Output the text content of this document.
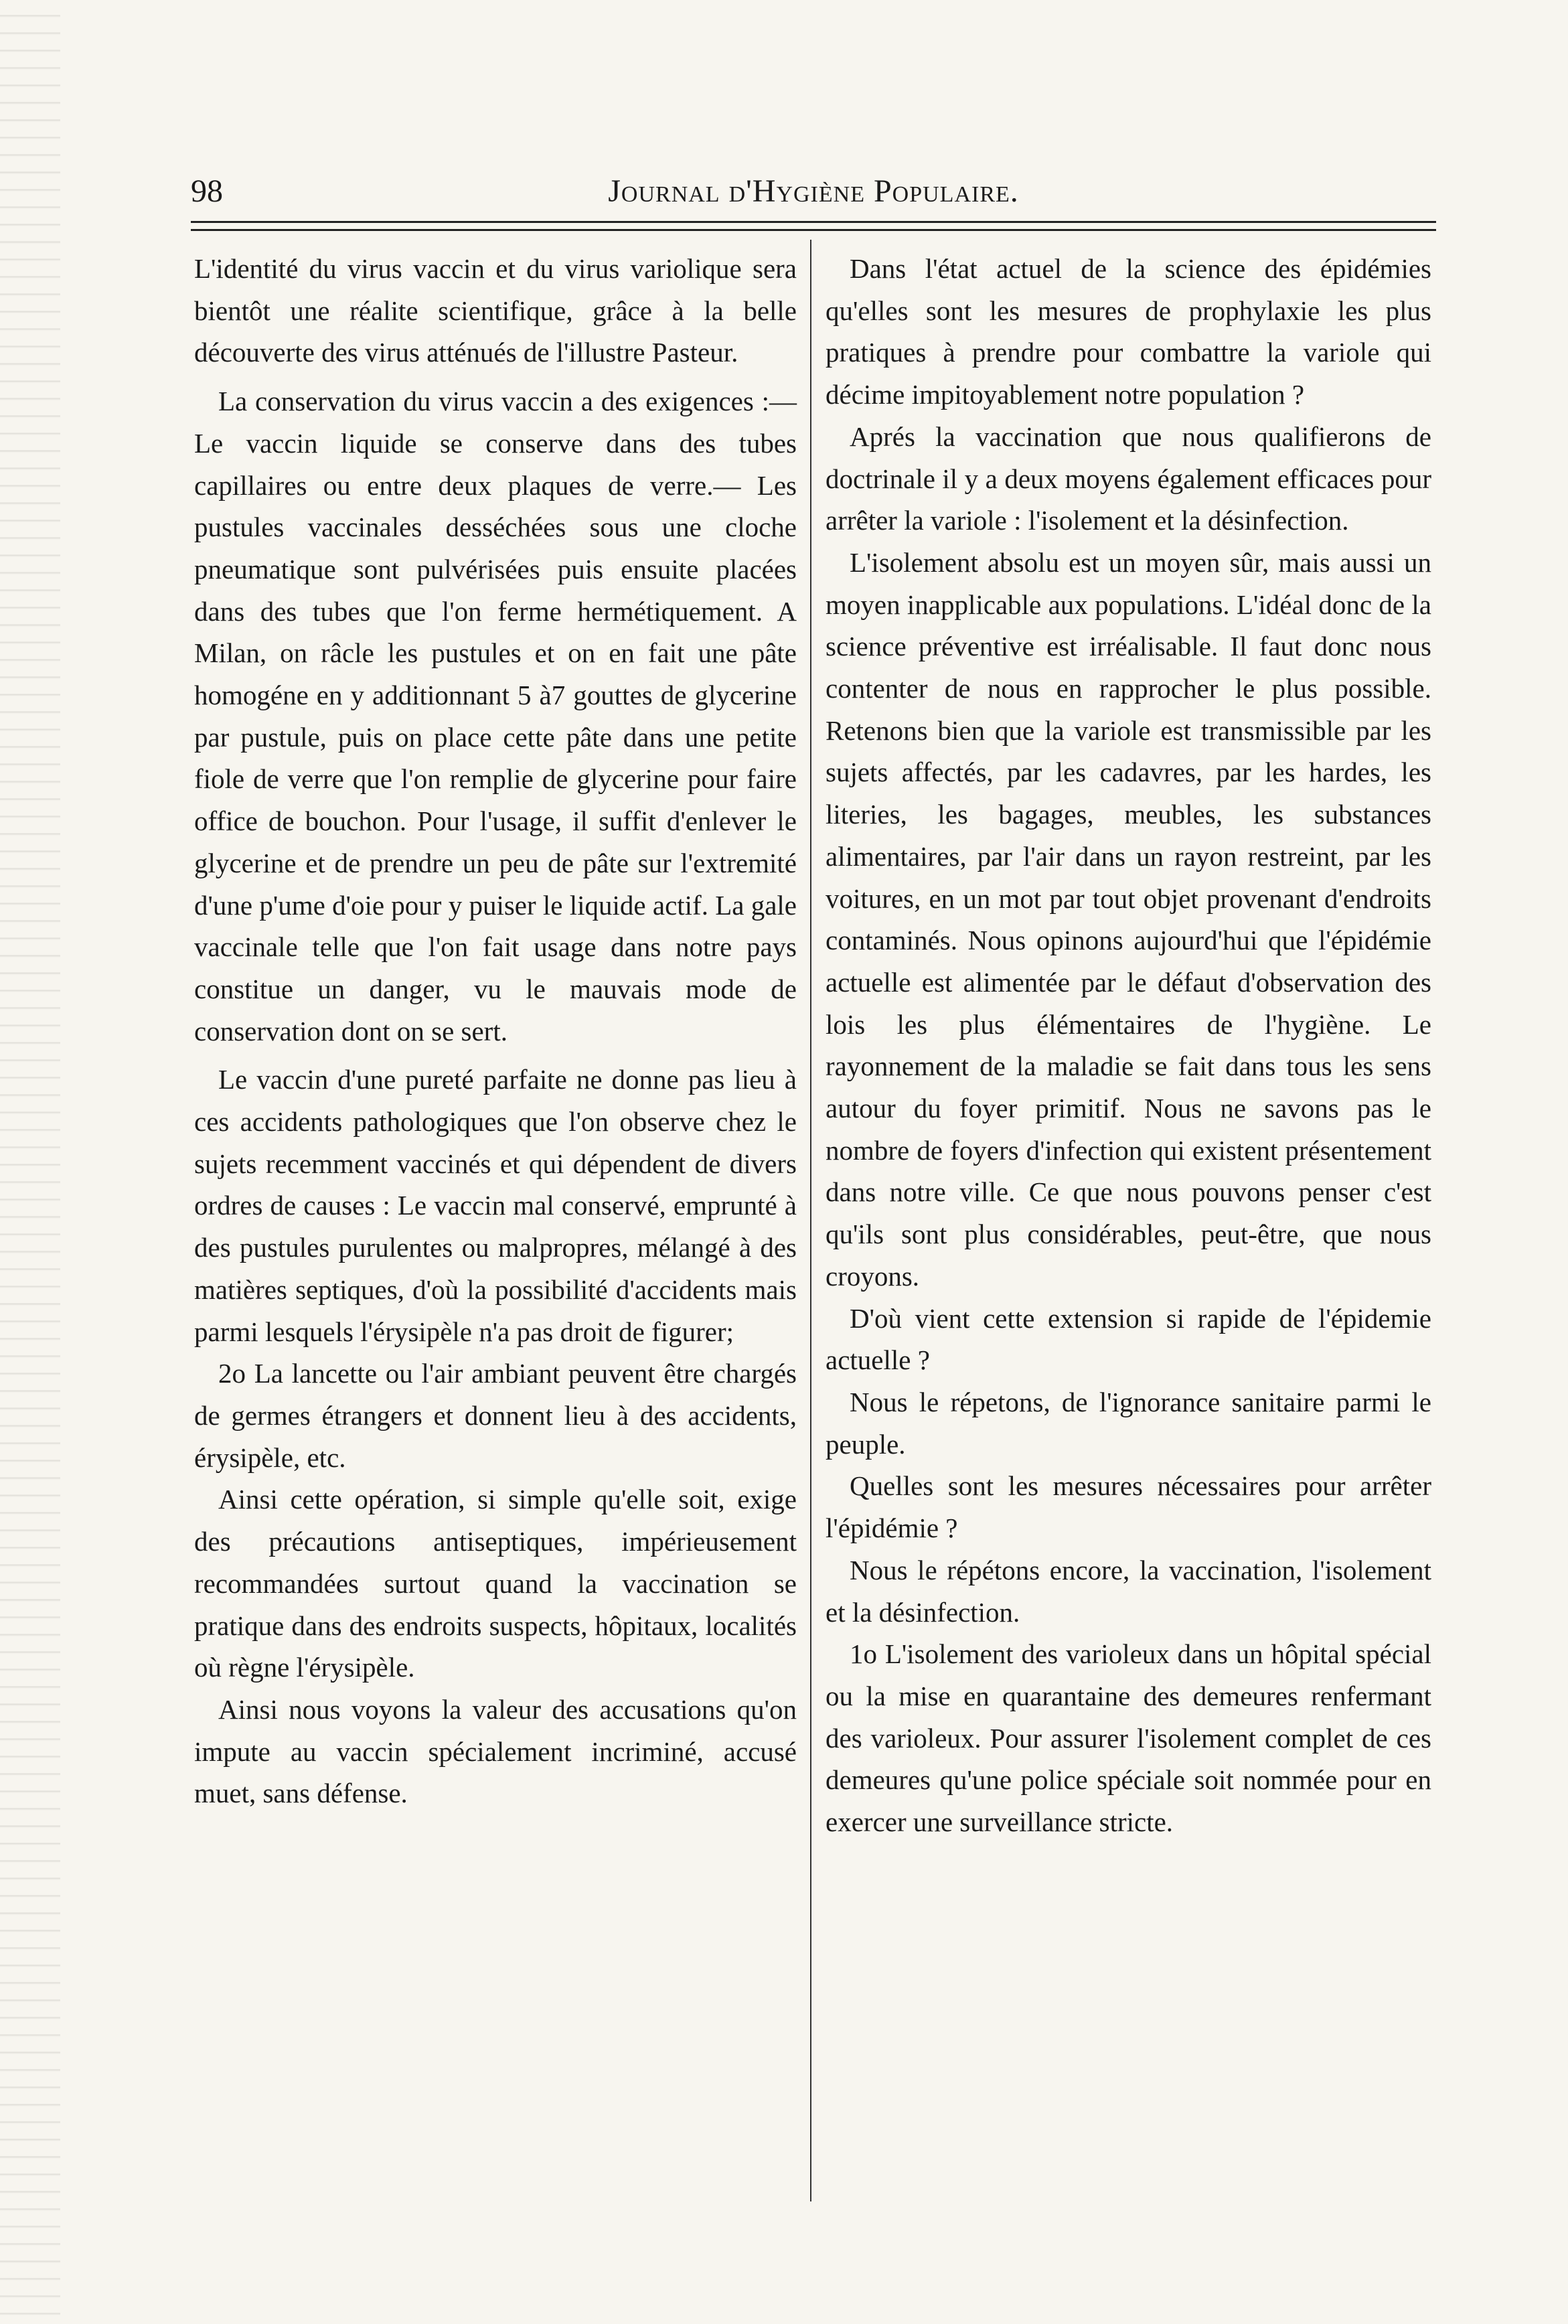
98	Journal d'Hygiène Populaire.

L'identité du virus vaccin et du virus variolique sera bientôt une réalite scientifique, grâce à la belle découverte des virus atténués de l'illustre Pasteur.

La conservation du virus vaccin a des exigences :— Le vaccin liquide se conserve dans des tubes capillaires ou entre deux plaques de verre.— Les pustules vaccinales desséchées sous une cloche pneumatique sont pulvérisées puis ensuite placées dans des tubes que l'on ferme hermétiquement. A Milan, on râcle les pustules et on en fait une pâte homogéne en y additionnant 5 à7 gouttes de glycerine par pustule, puis on place cette pâte dans une petite fiole de verre que l'on remplie de glycerine pour faire office de bouchon. Pour l'usage, il suffit d'enlever le glycerine et de prendre un peu de pâte sur l'extremité d'une p'ume d'oie pour y puiser le liquide actif. La gale vaccinale telle que l'on fait usage dans notre pays constitue un danger, vu le mauvais mode de conservation dont on se sert.

Le vaccin d'une pureté parfaite ne donne pas lieu à ces accidents pathologiques que l'on observe chez le sujets recemment vaccinés et qui dépendent de divers ordres de causes : Le vaccin mal conservé, emprunté à des pustules purulentes ou malpropres, mélangé à des matières septiques, d'où la possibilité d'accidents mais parmi lesquels l'érysipèle n'a pas droit de figurer;

2o La lancette ou l'air ambiant peuvent être chargés de germes étrangers et donnent lieu à des accidents, érysipèle, etc.

Ainsi cette opération, si simple qu'elle soit, exige des précautions antiseptiques, impérieusement recommandées surtout quand la vaccination se pratique dans des endroits suspects, hôpitaux, localités où règne l'érysipèle.

Ainsi nous voyons la valeur des accusations qu'on impute au vaccin spécialement incriminé, accusé muet, sans défense.

Dans l'état actuel de la science des épidémies qu'elles sont les mesures de prophylaxie les plus pratiques à prendre pour combattre la variole qui décime impitoyablement notre population ?

Aprés la vaccination que nous qualifierons de doctrinale il y a deux moyens également efficaces pour arrêter la variole : l'isolement et la désinfection.

L'isolement absolu est un moyen sûr, mais aussi un moyen inapplicable aux populations. L'idéal donc de la science préventive est irréalisable. Il faut donc nous contenter de nous en rapprocher le plus possible. Retenons bien que la variole est transmissible par les sujets affectés, par les cadavres, par les hardes, les literies, les bagages, meubles, les substances alimentaires, par l'air dans un rayon restreint, par les voitures, en un mot par tout objet provenant d'endroits contaminés. Nous opinons aujourd'hui que l'épidémie actuelle est alimentée par le défaut d'observation des lois les plus élémentaires de l'hygiène. Le rayonnement de la maladie se fait dans tous les sens autour du foyer primitif. Nous ne savons pas le nombre de foyers d'infection qui existent présentement dans notre ville. Ce que nous pouvons penser c'est qu'ils sont plus considérables, peut-être, que nous croyons.

D'où vient cette extension si rapide de l'épidemie actuelle ?

Nous le répetons, de l'ignorance sanitaire parmi le peuple.

Quelles sont les mesures nécessaires pour arrêter l'épidémie ?

Nous le répétons encore, la vaccination, l'isolement et la désinfection.

1o L'isolement des varioleux dans un hôpital spécial ou la mise en quarantaine des demeures renfermant des varioleux. Pour assurer l'isolement complet de ces demeures qu'une police spéciale soit nommée pour en exercer une surveillance stricte.
